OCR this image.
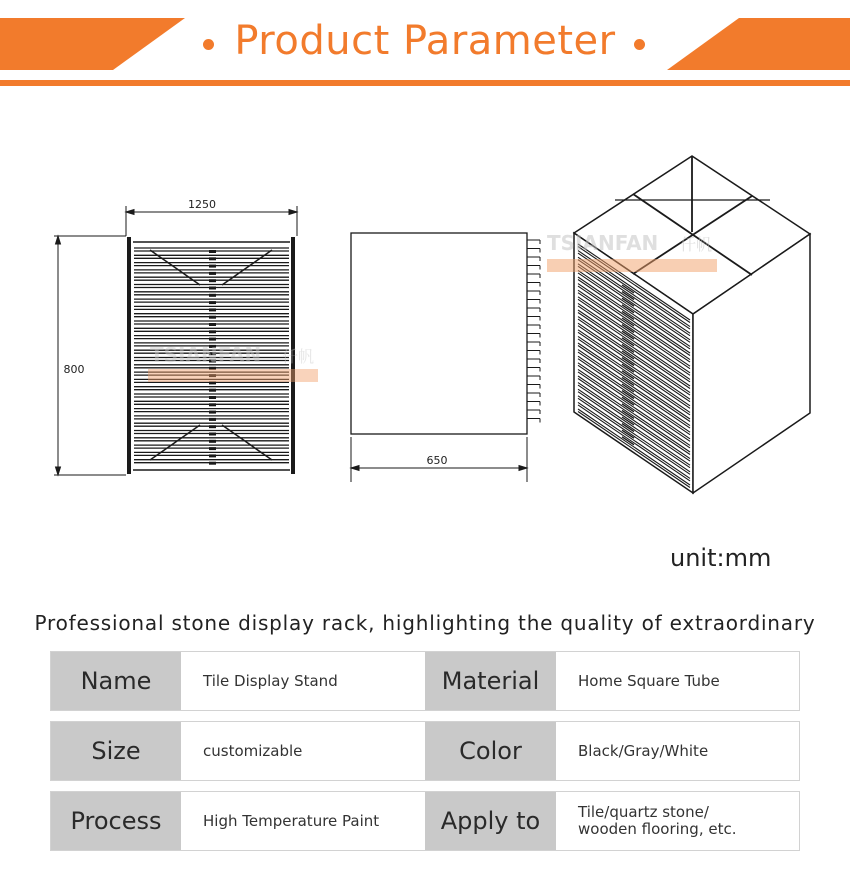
Product Parameter
1250
800
TSIANFAN 仟帆
650
TSIANFAN 仟帆
unit:mm
Professional stone display rack, highlighting the quality of extraordinary
Name	Tile Display Stand	Material	Home Square Tube
Size	customizable	Color	Black/Gray/White
Process	High Temperature Paint	Apply to	Tile/quartz stone/
wooden flooring, etc.
